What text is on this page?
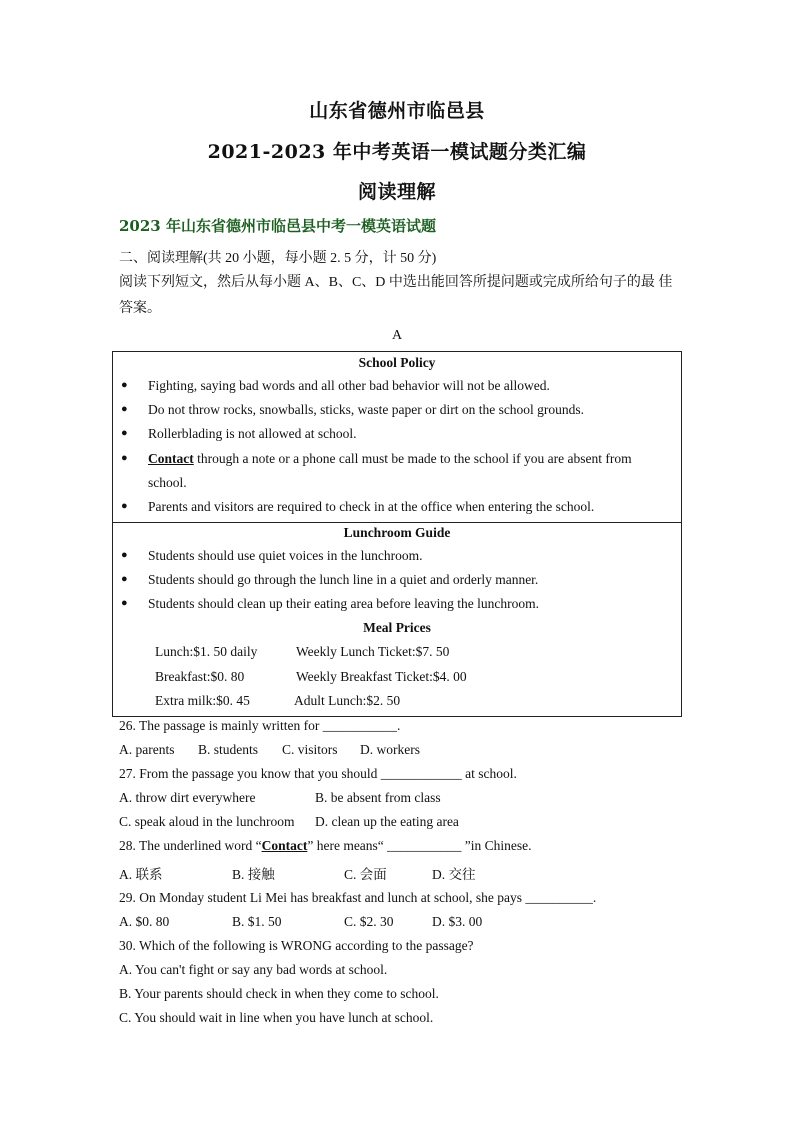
山东省德州市临邑县
2021-2023 年中考英语一模试题分类汇编
阅读理解
2023 年山东省德州市临邑县中考一模英语试题
二、阅读理解(共 20 小题，每小题 2. 5 分，计 50 分)
阅读下列短文，然后从每小题 A、B、C、D 中选出能回答所提问题或完成所给句子的最 佳答案。
A
School Policy
● Fighting, saying bad words and all other bad behavior will not be allowed.
● Do not throw rocks, snowballs, sticks, waste paper or dirt on the school grounds.
● Rollerblading is not allowed at school.
● Contact through a note or a phone call must be made to the school if you are absent from
school.
● Parents and visitors are required to check in at the office when entering the school.
Lunchroom Guide
● Students should use quiet voices in the lunchroom.
● Students should go through the lunch line in a quiet and orderly manner.
● Students should clean up their eating area before leaving the lunchroom.
Meal Prices
Lunch:$1. 50 daily	Weekly Lunch Ticket:$7. 50
Breakfast:$0. 80	Weekly Breakfast Ticket:$4. 00
Extra milk:$0. 45	Adult Lunch:$2. 50
26. The passage is mainly written for ___________.
A. parents B. students C. visitors D. workers
27. From the passage you know that you should ____________ at school.
A. throw dirt everywhere	B. be absent from class
C. speak aloud in the lunchroom D. clean up the eating area
28. The underlined word “Contact” here means“ ___________ ”in Chinese.
A. 联系	B. 接触	C. 会面	D. 交往
29. On Monday student Li Mei has breakfast and lunch at school, she pays __________.
A. $0. 80	B. $1. 50	C. $2. 30	D. $3. 00
30. Which of the following is WRONG according to the passage?
A. You can't fight or say any bad words at school.
B. Your parents should check in when they come to school.
C. You should wait in line when you have lunch at school.
